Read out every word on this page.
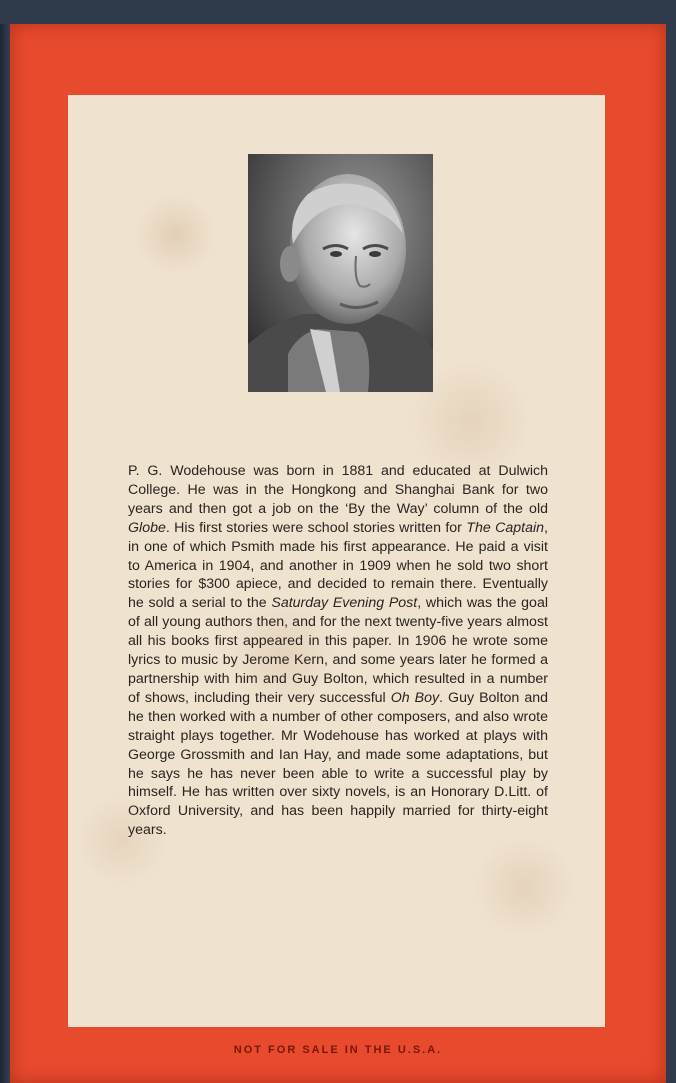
P. G. Wodehouse was born in 1881 and educated at Dulwich College. He was in the Hongkong and Shanghai Bank for two years and then got a job on the ‘By the Way’ column of the old Globe. His first stories were school stories written for The Captain, in one of which Psmith made his first appearance. He paid a visit to America in 1904, and another in 1909 when he sold two short stories for $300 apiece, and decided to remain there. Eventually he sold a serial to the Saturday Evening Post, which was the goal of all young authors then, and for the next twenty-five years almost all his books first appeared in this paper. In 1906 he wrote some lyrics to music by Jerome Kern, and some years later he formed a partnership with him and Guy Bolton, which resulted in a number of shows, including their very successful Oh Boy. Guy Bolton and he then worked with a number of other composers, and also wrote straight plays together. Mr Wodehouse has worked at plays with George Grossmith and Ian Hay, and made some adaptations, but he says he has never been able to write a successful play by himself. He has written over sixty novels, is an Honorary D.Litt. of Oxford University, and has been happily married for thirty-eight years.

NOT FOR SALE IN THE U.S.A.
